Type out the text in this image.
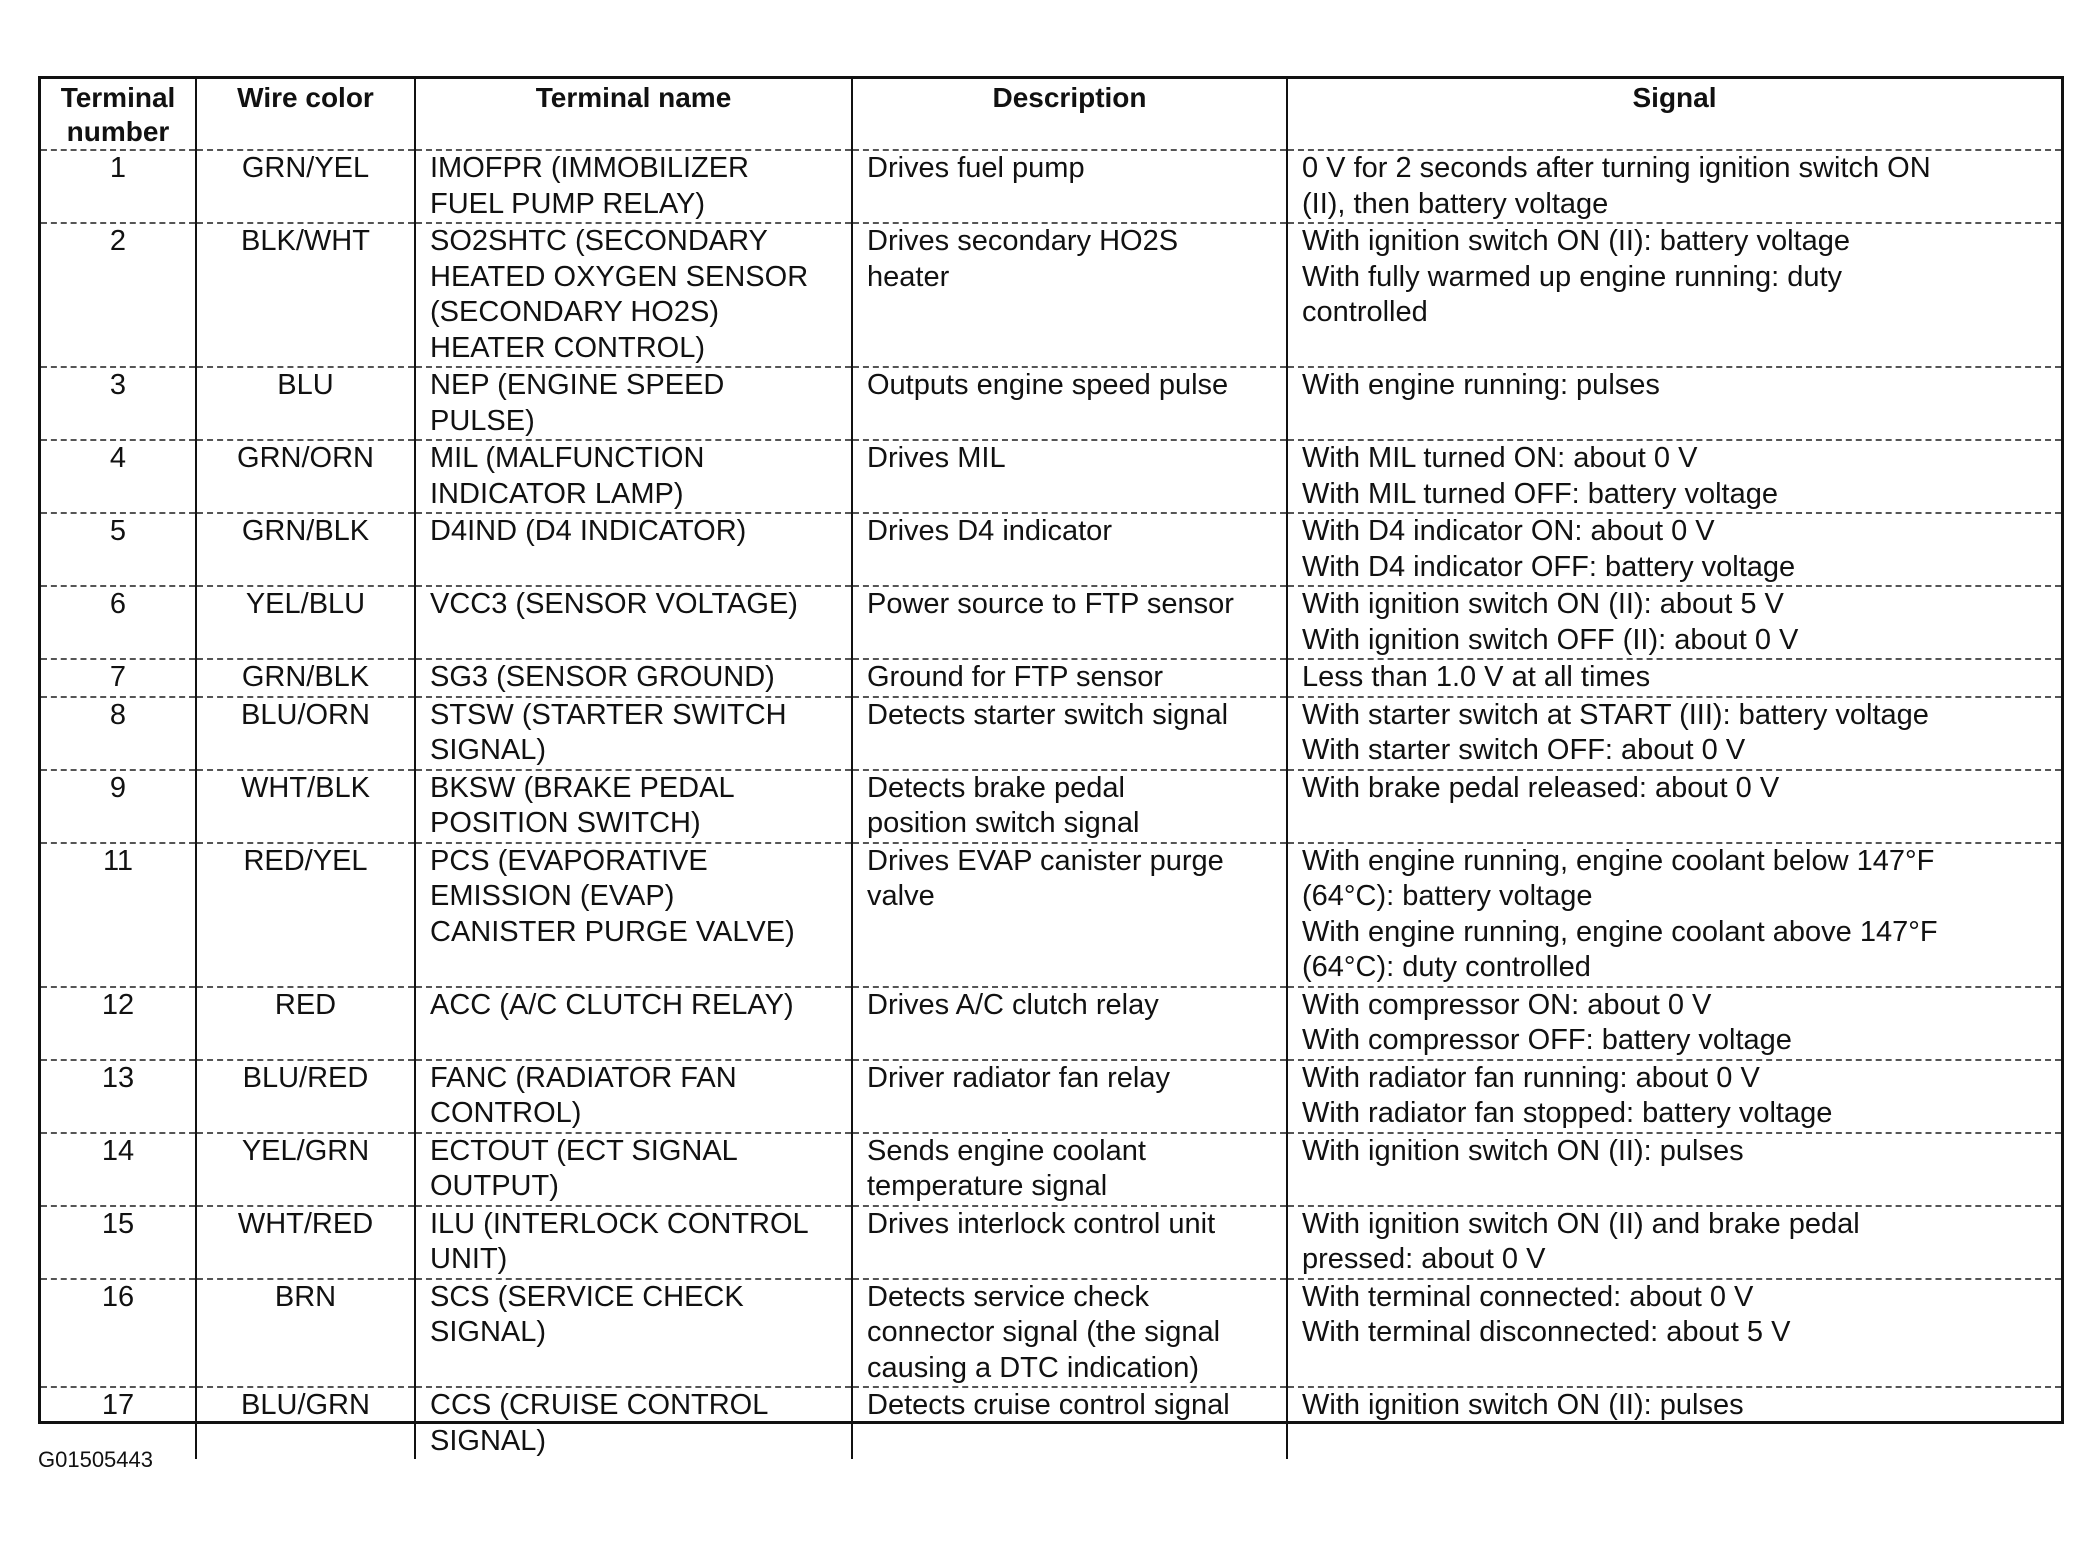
Terminal number	Wire color	Terminal name	Description	Signal
1	GRN/YEL	IMOFPR (IMMOBILIZER
FUEL PUMP RELAY)	Drives fuel pump	0 V for 2 seconds after turning ignition switch ON
(II), then battery voltage

2	BLK/WHT	SO2SHTC (SECONDARY
HEATED OXYGEN SENSOR
(SECONDARY HO2S)
HEATER CONTROL)	Drives secondary HO2S
heater	With ignition switch ON (II): battery voltage
With fully warmed up engine running: duty
controlled

3	BLU	NEP (ENGINE SPEED
PULSE)	Outputs engine speed pulse	With engine running: pulses

4	GRN/ORN	MIL (MALFUNCTION
INDICATOR LAMP)	Drives MIL	With MIL turned ON: about 0 V
With MIL turned OFF: battery voltage

5	GRN/BLK	D4IND (D4 INDICATOR)	Drives D4 indicator	With D4 indicator ON: about 0 V
With D4 indicator OFF: battery voltage

6	YEL/BLU	VCC3 (SENSOR VOLTAGE)	Power source to FTP sensor	With ignition switch ON (II): about 5 V
With ignition switch OFF (II): about 0 V

7	GRN/BLK	SG3 (SENSOR GROUND)	Ground for FTP sensor	Less than 1.0 V at all times

8	BLU/ORN	STSW (STARTER SWITCH
SIGNAL)	Detects starter switch signal	With starter switch at START (III): battery voltage
With starter switch OFF: about 0 V

9	WHT/BLK	BKSW (BRAKE PEDAL
POSITION SWITCH)	Detects brake pedal
position switch signal	With brake pedal released: about 0 V

11	RED/YEL	PCS (EVAPORATIVE
EMISSION (EVAP)
CANISTER PURGE VALVE)	Drives EVAP canister purge
valve	With engine running, engine coolant below 147°F
(64°C): battery voltage
With engine running, engine coolant above 147°F
(64°C): duty controlled

12	RED	ACC (A/C CLUTCH RELAY)	Drives A/C clutch relay	With compressor ON: about 0 V
With compressor OFF: battery voltage

13	BLU/RED	FANC (RADIATOR FAN
CONTROL)	Driver radiator fan relay	With radiator fan running: about 0 V
With radiator fan stopped: battery voltage

14	YEL/GRN	ECTOUT (ECT SIGNAL
OUTPUT)	Sends engine coolant
temperature signal	With ignition switch ON (II): pulses

15	WHT/RED	ILU (INTERLOCK CONTROL
UNIT)	Drives interlock control unit	With ignition switch ON (II) and brake pedal
pressed: about 0 V

16	BRN	SCS (SERVICE CHECK
SIGNAL)	Detects service check
connector signal (the signal
causing a DTC indication)	With terminal connected: about 0 V
With terminal disconnected: about 5 V

17	BLU/GRN	CCS (CRUISE CONTROL
SIGNAL)	Detects cruise control signal	With ignition switch ON (II): pulses
G01505443
